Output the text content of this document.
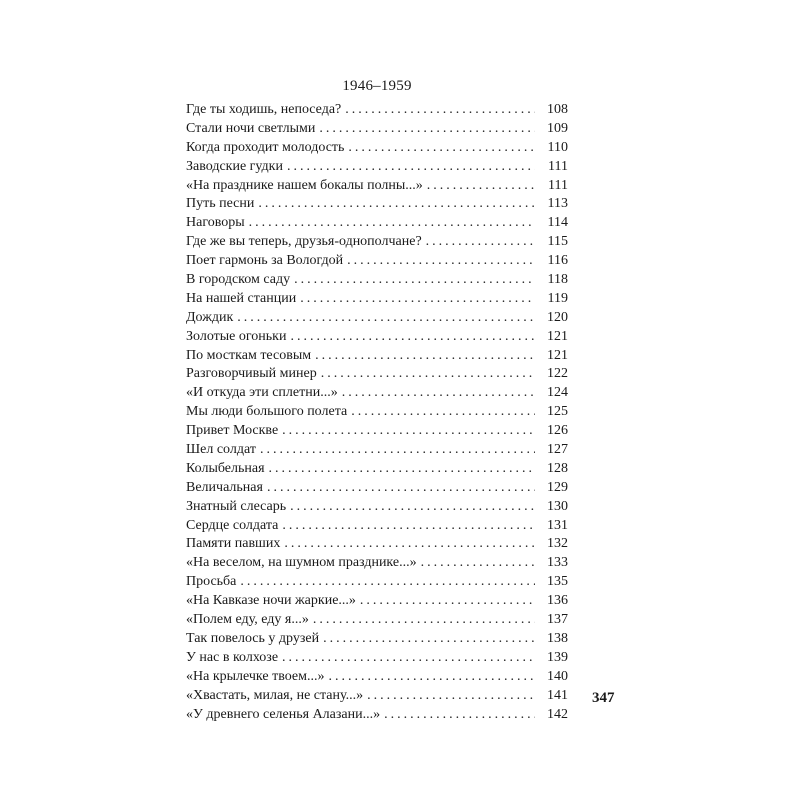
1946–1959
Где ты ходишь, непоседа? . . .	108
Стали ночи светлыми . . .	109
Когда проходит молодость . . .	110
Заводские гудки . . .	111
«На празднике нашем бокалы полны...» . . .	111
Путь песни . . .	113
Наговоры . . .	114
Где же вы теперь, друзья-однополчане? . . .	115
Поет гармонь за Вологдой . . .	116
В городском саду . . .	118
На нашей станции . . .	119
Дождик . . .	120
Золотые огоньки . . .	121
По мосткам тесовым . . .	121
Разговорчивый минер . . .	122
«И откуда эти сплетни...» . . .	124
Мы люди большого полета . . .	125
Привет Москве . . .	126
Шел солдат . . .	127
Колыбельная . . .	128
Величальная . . .	129
Знатный слесарь . . .	130
Сердце солдата . . .	131
Памяти павших . . .	132
«На веселом, на шумном празднике...» . . .	133
Просьба . . .	135
«На Кавказе ночи жаркие...» . . .	136
«Полем еду, еду я...» . . .	137
Так повелось у друзей . . .	138
У нас в колхозе . . .	139
«На крылечке твоем...» . . .	140
«Хвастать, милая, не стану...» . . .	141
«У древнего селенья Алазани...» . . .	142
347
